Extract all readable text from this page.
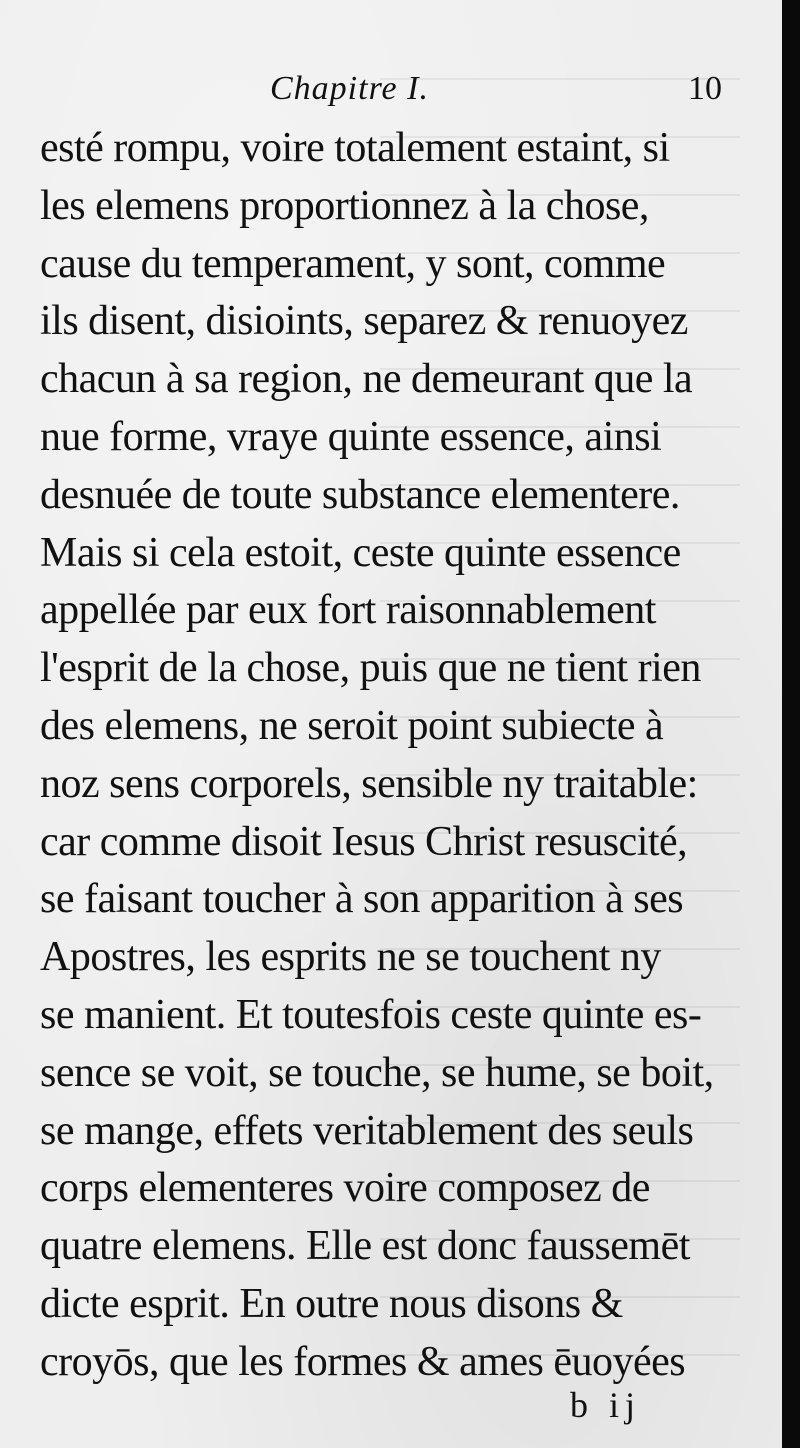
Chapitre I.	10
esté rompu, voire totalement estaint, si
les elemens proportionnez à la chose,
cause du temperament, y sont, comme
ils disent, disioints, separez & renuoyez
chacun à sa region, ne demeurant que la
nue forme, vraye quinte essence, ainsi
desnuée de toute substance elementere.
Mais si cela estoit, ceste quinte essence
appellée par eux fort raisonnablement
l'esprit de la chose, puis que ne tient rien
des elemens, ne seroit point subiecte à
noz sens corporels, sensible ny traitable:
car comme disoit Iesus Christ resuscité,
se faisant toucher à son apparition à ses
Apostres, les esprits ne se touchent ny
se manient. Et toutesfois ceste quinte es-
sence se voit, se touche, se hume, se boit,
se mange, effets veritablement des seuls
corps elementeres voire composez de
quatre elemens. Elle est donc faussemēt
dicte esprit. En outre nous disons &
croyōs, que les formes & ames ēuoyées
b ij
